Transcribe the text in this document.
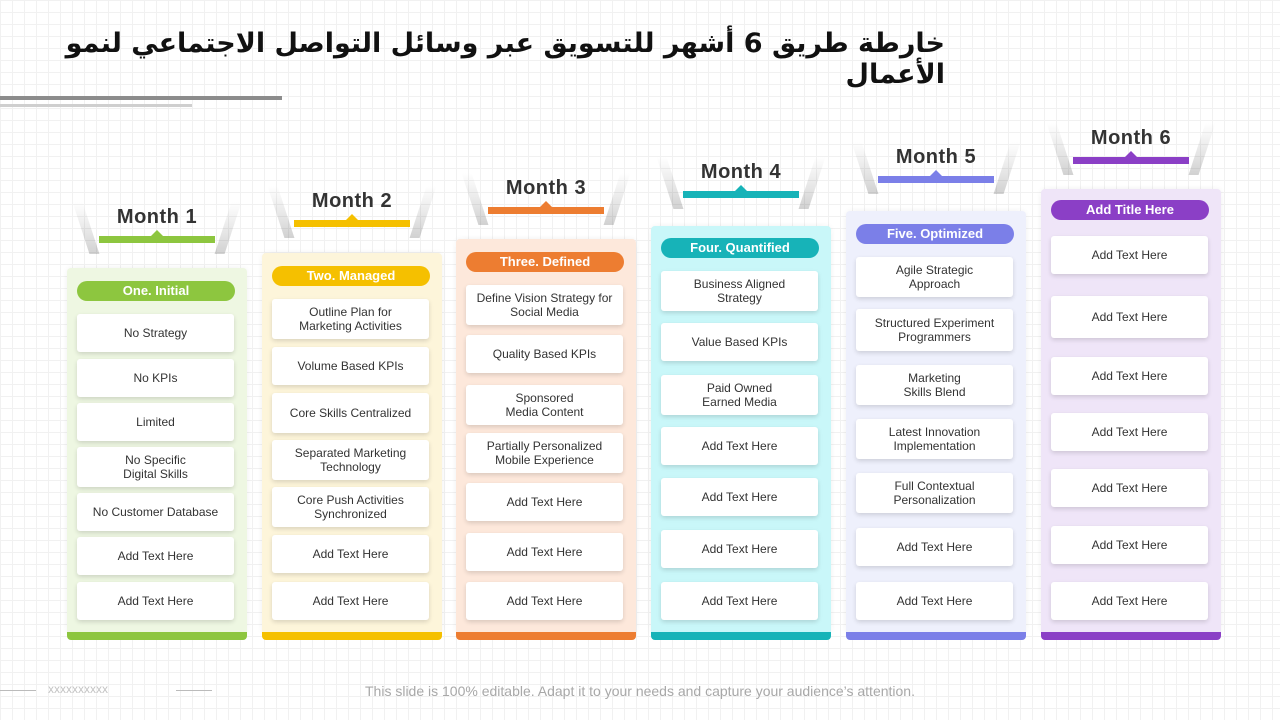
خارطة طريق 6 أشهر للتسويق عبر وسائل التواصل الاجتماعي لنمو الأعمال
Month 1
One. Initial
No Strategy
No KPIs
Limited
No Specific
Digital Skills
No Customer Database
Add Text Here
Add Text Here
Month 2
Two. Managed
Outline Plan for
Marketing Activities
Volume Based KPIs
Core Skills Centralized
Separated Marketing
Technology
Core Push Activities
Synchronized
Add Text Here
Add Text Here
Month 3
Three. Defined
Define Vision Strategy for
Social Media
Quality Based KPIs
Sponsored
Media Content
Partially Personalized
Mobile Experience
Add Text Here
Add Text Here
Add Text Here
Month 4
Four. Quantified
Business Aligned
Strategy
Value Based KPIs
Paid Owned
Earned Media
Add Text Here
Add Text Here
Add Text Here
Add Text Here
Month 5
Five. Optimized
Agile Strategic
Approach
Structured Experiment
Programmers
Marketing
Skills Blend
Latest Innovation
Implementation
Full Contextual
Personalization
Add Text Here
Add Text Here
Month 6
Add Title Here
Add Text Here
Add Text Here
Add Text Here
Add Text Here
Add Text Here
Add Text Here
Add Text Here
xxxxxxxxxx	This slide is 100% editable. Adapt it to your needs and capture your audience’s attention.
